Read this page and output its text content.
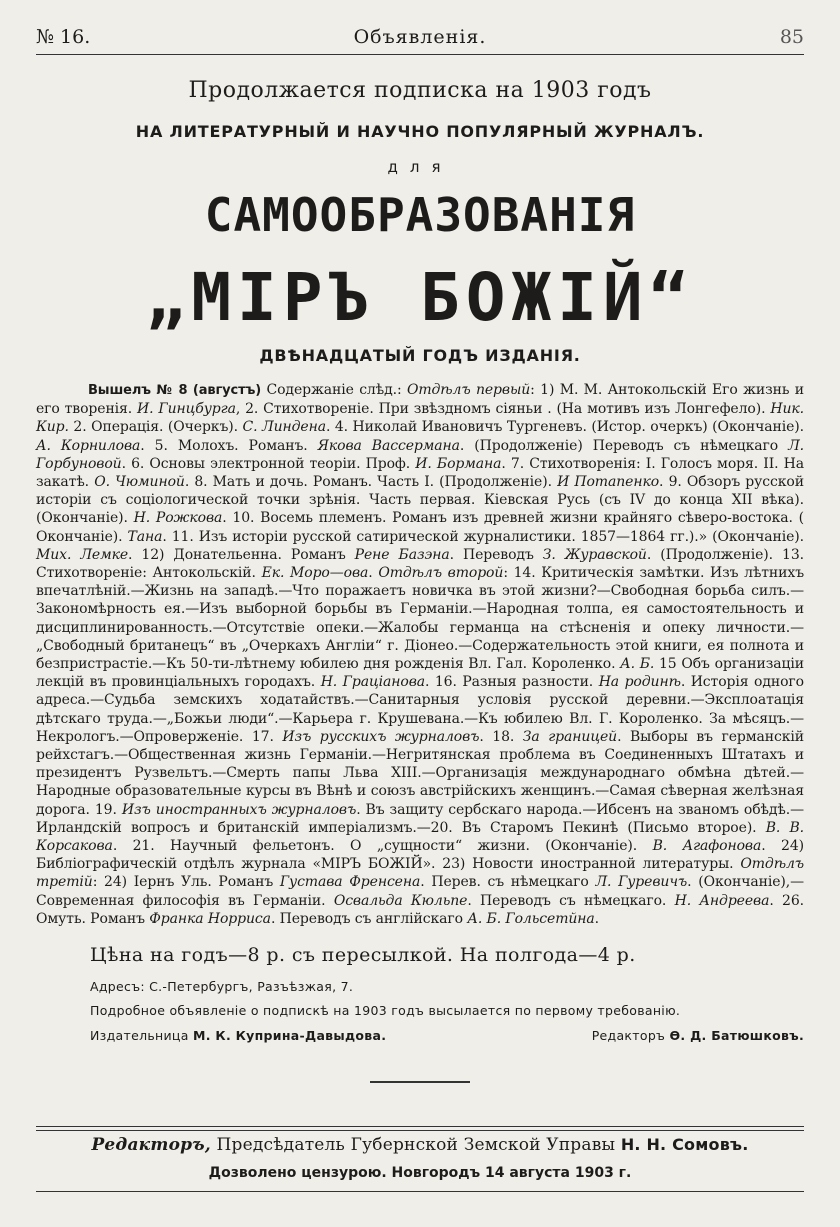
№ 16.	Объявленія.	85
Продолжается подписка на 1903 годъ
НА ЛИТЕРАТУРНЫЙ И НАУЧНО ПОПУЛЯРНЫЙ ЖУРНАЛЪ.
для
САМООБРАЗОВАНІЯ
„МІРЪ БОЖІЙ“
ДВѢНАДЦАТЫЙ ГОДЪ ИЗДАНІЯ.

Вышелъ № 8 (августъ) Содержаніе слѣд.: Отдѣлъ первый: 1) М. М. Антокольскій Его жизнь и его творенія. И. Гинцбурга, 2. Стихотвореніе. При звѣздномъ сіяньи . (На мотивъ изъ Лонгефело). Ник. Кир. 2. Операція. (Очеркъ). С. Линдена. 4. Николай Ивановичъ Тургеневъ. (Истор. очеркъ) (Окончаніе). А. Корнилова. 5. Молохъ. Романъ. Якова Вассермана. (Продолженіе) Переводъ съ нѣмецкаго Л. Горбуновой. 6. Основы электронной теоріи. Проф. И. Бормана. 7. Стихотворенія: І. Голосъ моря. ІІ. На закатѣ. О. Чюминой. 8. Мать и дочь. Романъ. Часть І. (Продолженіе). И Потапенко. 9. Обзоръ русской исторіи съ соціологической точки зрѣнія. Часть первая. Кіевская Русь (съ ІV до конца XII вѣка). (Окончаніе). Н. Рожкова. 10. Восемь племенъ. Романъ изъ древней жизни крайняго сѣверо-востока. ( Окончаніе). Тана. 11. Изъ исторіи русской сатирической журналистики. 1857—1864 гг.).» (Окончаніе). Мих. Лемке. 12) Донательенна. Романъ Рене Базэна. Переводъ З. Журавской. (Продолженіе). 13. Стихотвореніе: Антокольскій. Ек. Моро—ова. Отдѣлъ второй: 14. Критическія замѣтки. Изъ лѣтнихъ впечатлѣній.—Жизнь на западѣ.—Что поражаетъ новичка въ этой жизни?—Свободная борьба силъ.—Закономѣрность ея.—Изъ выборной борьбы въ Германіи.—Народная толпа, ея самостоятельность и дисциплинированность.—Отсутствіе опеки.—Жалобы германца на стѣсненія и опеку личности.—„Свободный британецъ“ въ „Очеркахъ Англіи“ г. Діонео.—Содержательность этой книги, ея полнота и безпристрастіе.—Къ 50-ти-лѣтнему юбилею дня рожденія Вл. Гал. Короленко. А. Б. 15 Объ организаціи лекцій въ провинціальныхъ городахъ. Н. Граціанова. 16. Разныя разности. На родинѣ. Исторія одного адреса.—Судьба земскихъ ходатайствъ.—Санитарныя условія русской деревни.—Эксплоатація дѣтскаго труда.—„Божьи люди“.—Карьера г. Крушевана.—Къ юбилею Вл. Г. Короленко. За мѣсяцъ.—Некрологъ.—Опроверженіе. 17. Изъ русскихъ журналовъ. 18. За границей. Выборы въ германскій рейхстагъ.—Общественная жизнь Германіи.—Негритянская проблема въ Соединенныхъ Штатахъ и президентъ Рузвельтъ.—Смерть папы Льва XIII.—Организація международнаго обмѣна дѣтей.—Народные образовательные курсы въ Вѣнѣ и союзъ австрійскихъ женщинъ.—Самая сѣверная желѣзная дорога. 19. Изъ иностранныхъ журналовъ. Въ защиту сербскаго народа.—Ибсенъ на званомъ обѣдѣ.—Ирландскій вопросъ и британскій имперіализмъ.—20. Въ Старомъ Пекинѣ (Письмо второе). В. В. Корсакова. 21. Научный фельетонъ. О „сущности“ жизни. (Окончаніе). В. Агафонова. 24) Библіографическій отдѣлъ журнала «МІРЪ БОЖІЙ». 23) Новости иностранной литературы. Отдѣлъ третій: 24) Іернъ Уль. Романъ Густава Френсена. Перев. съ нѣмецкаго Л. Гуревичъ. (Окончаніе),—Современная философія въ Германіи. Освальда Кюльпе. Переводъ съ нѣмецкаго. Н. Андреева. 26. Омуть. Романъ Франка Норриса. Переводъ съ англійскаго А. Б. Гольсетйна.

Цѣна на годъ—8 р. съ пересылкой. На полгода—4 р.
Адресъ: С.-Петербургъ, Разъѣзжая, 7.
Подробное объявленіе о подпискѣ на 1903 годъ высылается по первому требованію.
Издательница М. К. Куприна-Давыдова.	Редакторъ Ѳ. Д. Батюшковъ.
Редакторъ, Предсѣдатель Губернской Земской Управы Н. Н. Сомовъ.
Дозволено цензурою. Новгородъ 14 августа 1903 г.
